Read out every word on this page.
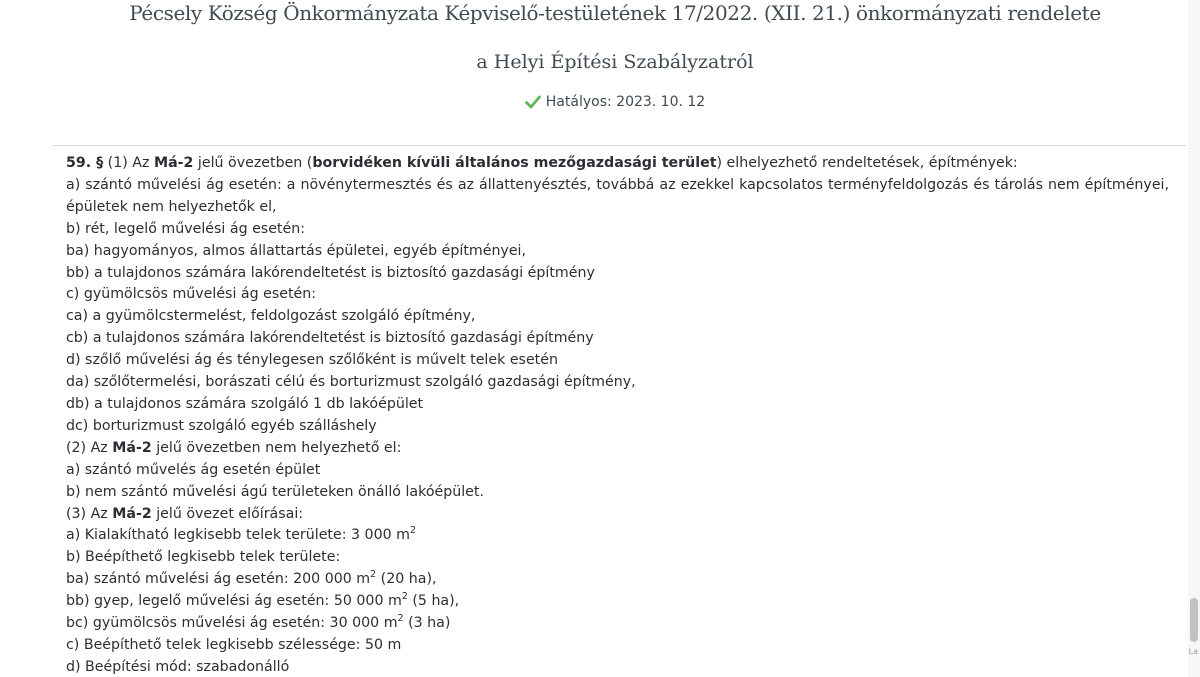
Pécsely Község Önkormányzata Képviselő-testületének 17/2022. (XII. 21.) önkormányzati rendelete
a Helyi Építési Szabályzatról
Hatályos: 2023. 10. 12
59. § (1) Az Má-2 jelű övezetben (borvidéken kívüli általános mezőgazdasági terület) elhelyezhető rendeltetések, építmények:
a) szántó művelési ág esetén: a növénytermesztés és az állattenyésztés, továbbá az ezekkel kapcsolatos terményfeldolgozás és tárolás nem építményei, épületek nem helyezhetők el,
b) rét, legelő művelési ág esetén:
ba) hagyományos, almos állattartás épületei, egyéb építményei,
bb) a tulajdonos számára lakórendeltetést is biztosító gazdasági építmény
c) gyümölcsös művelési ág esetén:
ca) a gyümölcstermelést, feldolgozást szolgáló építmény,
cb) a tulajdonos számára lakórendeltetést is biztosító gazdasági építmény
d) szőlő művelési ág és ténylegesen szőlőként is művelt telek esetén
da) szőlőtermelési, borászati célú és borturizmust szolgáló gazdasági építmény,
db) a tulajdonos számára szolgáló 1 db lakóépület
dc) borturizmust szolgáló egyéb szálláshely
(2) Az Má-2 jelű övezetben nem helyezhető el:
a) szántó művelés ág esetén épület
b) nem szántó művelési ágú területeken önálló lakóépület.
(3) Az Má-2 jelű övezet előírásai:
a) Kialakítható legkisebb telek területe: 3 000 $m^2$
b) Beépíthető legkisebb telek területe:
ba) szántó művelési ág esetén: 200 000 $m^2$ (20 ha),
bb) gyep, legelő művelési ág esetén: 50 000 $m^2$ (5 ha),
bc) gyümölcsös művelési ág esetén: 30 000 $m^2$ (3 ha)
c) Beépíthető telek legkisebb szélessége: 50 m
d) Beépítési mód: szabadonálló
La
